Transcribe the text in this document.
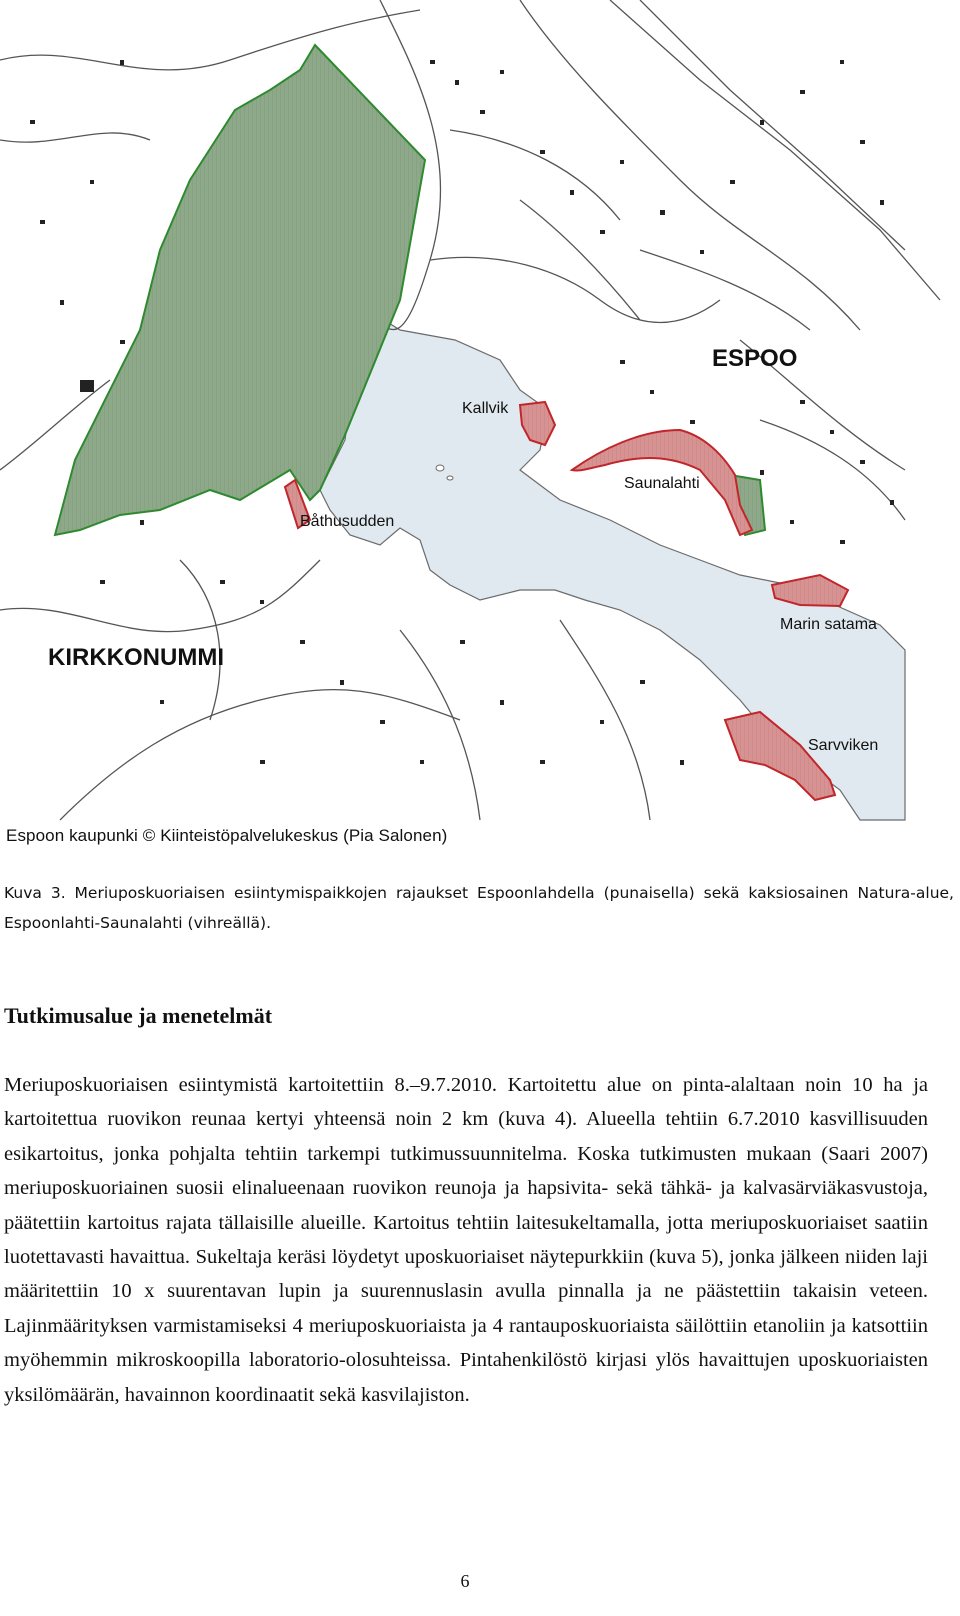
ESPOO
KIRKKONUMMI
Kallvik
Saunalahti
Båthusudden
Marin satama
Sarvviken
Espoon kaupunki © Kiinteistöpalvelukeskus (Pia Salonen)

Kuva 3. Meriuposkuoriaisen esiintymispaikkojen rajaukset Espoonlahdella (punaisella) sekä kaksiosainen Natura-alue, Espoonlahti-Saunalahti (vihreällä).

Tutkimusalue ja menetelmät

Meriuposkuoriaisen esiintymistä kartoitettiin 8.–9.7.2010. Kartoitettu alue on pinta-alaltaan noin 10 ha ja kartoitettua ruovikon reunaa kertyi yhteensä noin 2 km (kuva 4). Alueella tehtiin 6.7.2010 kasvillisuuden esikartoitus, jonka pohjalta tehtiin tarkempi tutkimussuunnitelma. Koska tutkimusten mukaan (Saari 2007) meriuposkuoriainen suosii elinalueenaan ruovikon reunoja ja hapsivita- sekä tähkä- ja kalvasärviäkasvustoja, päätettiin kartoitus rajata tällaisille alueille. Kartoitus tehtiin laitesukeltamalla, jotta meriuposkuoriaiset saatiin luotettavasti havaittua. Sukeltaja keräsi löydetyt uposkuoriaiset näytepurkkiin (kuva 5), jonka jälkeen niiden laji määritettiin 10 x suurentavan lupin ja suurennuslasin avulla pinnalla ja ne päästettiin takaisin veteen. Lajinmäärityksen varmistamiseksi 4 meriuposkuoriaista ja 4 rantauposkuoriaista säilöttiin etanoliin ja katsottiin myöhemmin mikroskoopilla laboratorio-olosuhteissa. Pintahenkilöstö kirjasi ylös havaittujen uposkuoriaisten yksilömäärän, havainnon koordinaatit sekä kasvilajiston.

6
